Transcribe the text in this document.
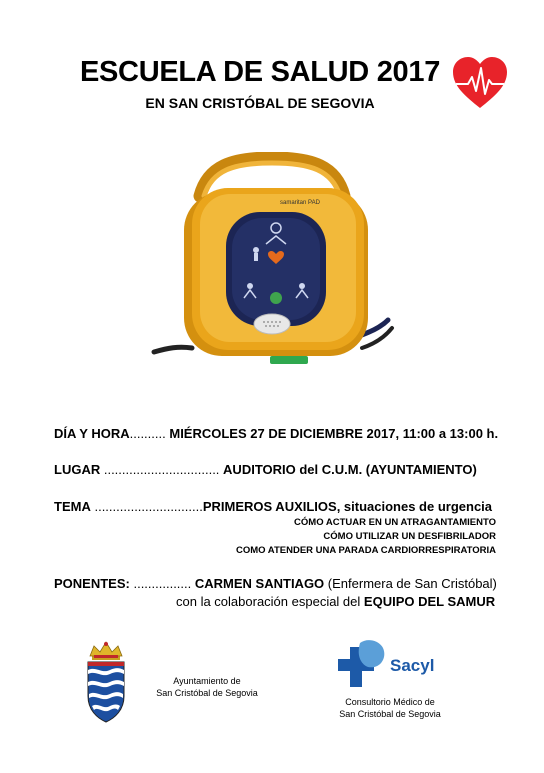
ESCUELA DE SALUD 2017
EN SAN CRISTÓBAL DE SEGOVIA
samaritan PAD
DÍA Y HORA.......... MIÉRCOLES 27 DE DICIEMBRE 2017, 11:00 a 13:00 h.
LUGAR ................................ AUDITORIO del C.U.M. (AYUNTAMIENTO)
TEMA ..............................PRIMEROS AUXILIOS, situaciones de urgencia
CÓMO ACTUAR EN UN ATRAGANTAMIENTO
CÓMO UTILIZAR UN DESFIBRILADOR
COMO ATENDER UNA PARADA CARDIORRESPIRATORIA
PONENTES: ................ CARMEN SANTIAGO (Enfermera de San Cristóbal)
con la colaboración especial del EQUIPO DEL SAMUR
Ayuntamiento de
San Cristóbal de Segovia
Sacyl
Consultorio Médico de
San Cristóbal de Segovia
